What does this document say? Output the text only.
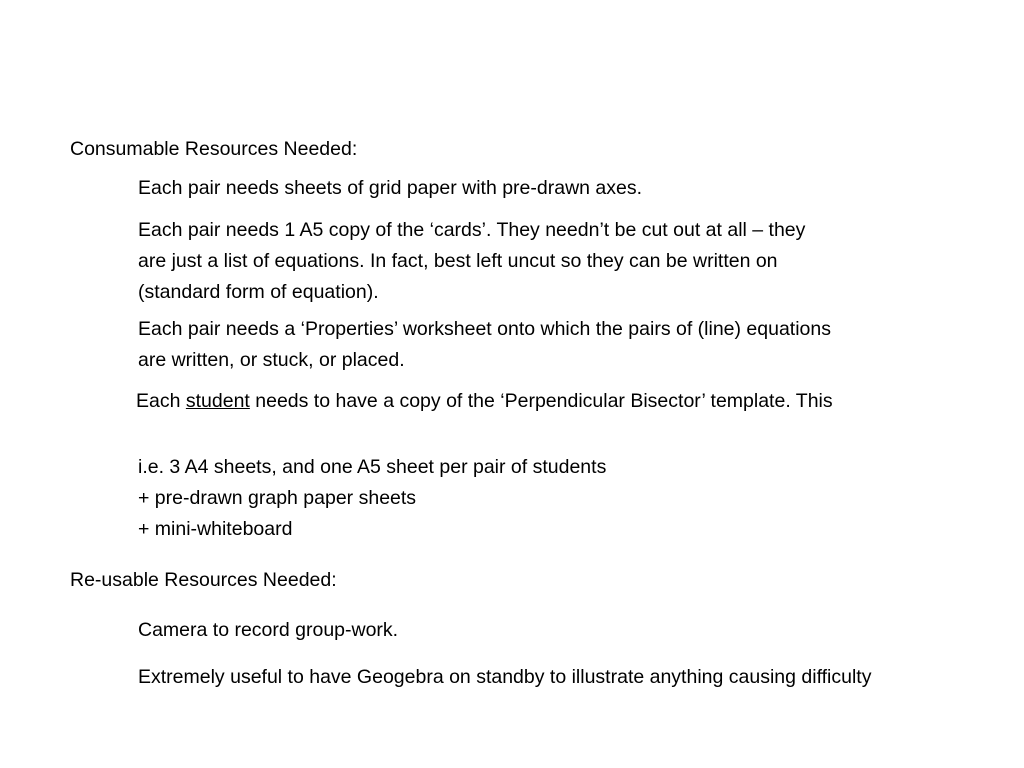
Consumable Resources Needed:
Each pair needs sheets of grid paper with pre-drawn axes.
Each pair needs 1 A5 copy of the ‘cards’. They needn’t be cut out at all – they
are just a list of equations. In fact, best left uncut so they can be written on
(standard form of equation).
Each pair needs a ‘Properties’ worksheet onto which the pairs of (line) equations
are written, or stuck, or placed.
Each student needs to have a copy of the ‘Perpendicular Bisector’ template. This
i.e. 3 A4 sheets, and one A5 sheet per pair of students
+ pre-drawn graph paper sheets
+ mini-whiteboard
Re-usable Resources Needed:
Camera to record group-work.
Extremely useful to have Geogebra on standby to illustrate anything causing difficulty
